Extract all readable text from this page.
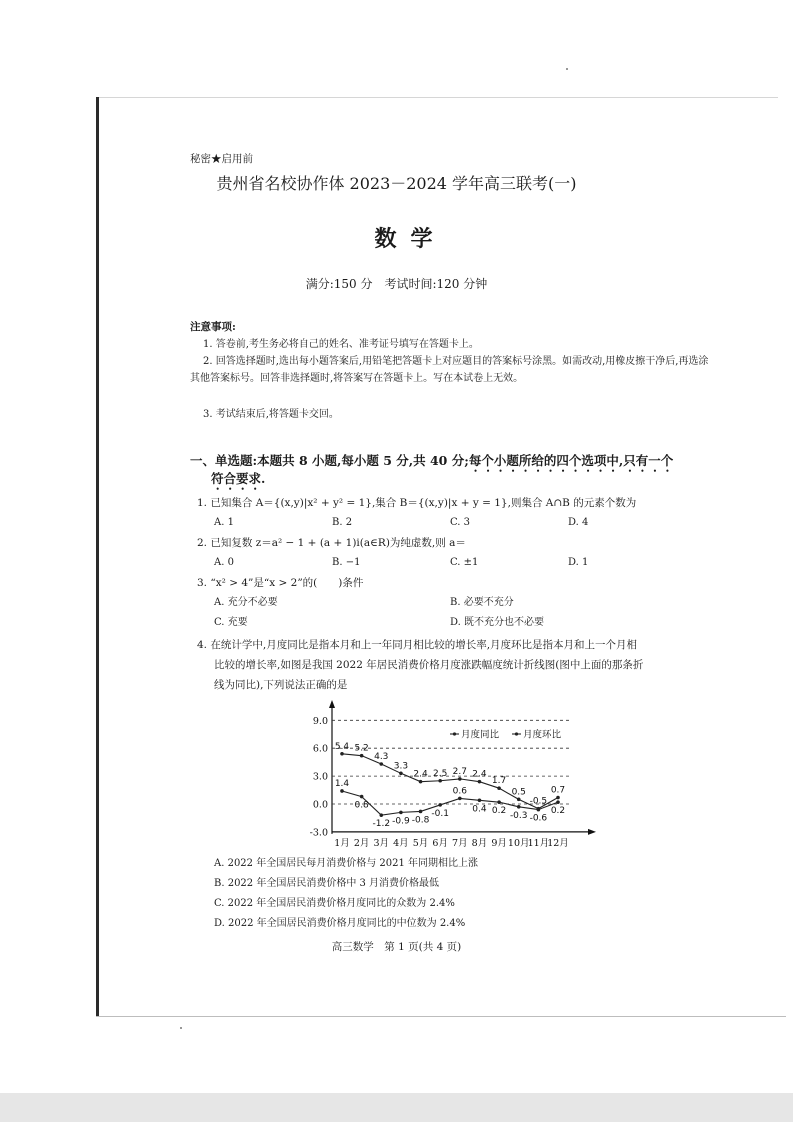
秘密★启用前
贵州省名校协作体 2023－2024 学年高三联考(一)
数学
满分:150 分　考试时间:120 分钟
注意事项:
1. 答卷前,考生务必将自己的姓名、准考证号填写在答题卡上。
2. 回答选择题时,选出每小题答案后,用铅笔把答题卡上对应题目的答案标号涂黑。如需改动,用橡皮擦干净后,再选涂其他答案标号。回答非选择题时,将答案写在答题卡上。写在本试卷上无效。
3. 考试结束后,将答题卡交回。
一、单选题:本题共 8 小题,每小题 5 分,共 40 分;每个小题所给的四个选项中,只有一个
符合要求.
1. 已知集合 A＝{(x,y)|x² + y² = 1},集合 B＝{(x,y)|x + y = 1},则集合 A∩B 的元素个数为
A. 1	B. 2	C. 3	D. 4
2. 已知复数 z＝a² − 1 + (a + 1)i(a∈R)为纯虚数,则 a＝
A. 0	B. −1	C. ±1	D. 1
3. “x² > 4”是“x > 2”的(　　)条件
A. 充分不必要	B. 必要不充分
C. 充要	D. 既不充分也不必要
4. 在统计学中,月度同比是指本月和上一年同月相比较的增长率,月度环比是指本月和上一个月相
比较的增长率,如图是我国 2022 年居民消费价格月度涨跌幅度统计折线图(图中上面的那条折
线为同比),下列说法正确的是
9.0
6.0
3.0
0.0
-3.0
1月 2月 3月 4月 5月 6月 7月 8月 9月 10月
11月
12月
5.4 5.2
4.3
3.3
2.4 2.5 2.7 2.4
1.7
0.5
-0.5
0.7
1.4
0.8
-1.2 -0.9 -0.8
-0.1
0.6
0.4 0.2 -0.3 -0.6
0.2
月度同比	月度环比
A. 2022 年全国居民每月消费价格与 2021 年同期相比上涨
B. 2022 年全国居民消费价格中 3 月消费价格最低
C. 2022 年全国居民消费价格月度同比的众数为 2.4%
D. 2022 年全国居民消费价格月度同比的中位数为 2.4%
高三数学　第 1 页(共 4 页)
